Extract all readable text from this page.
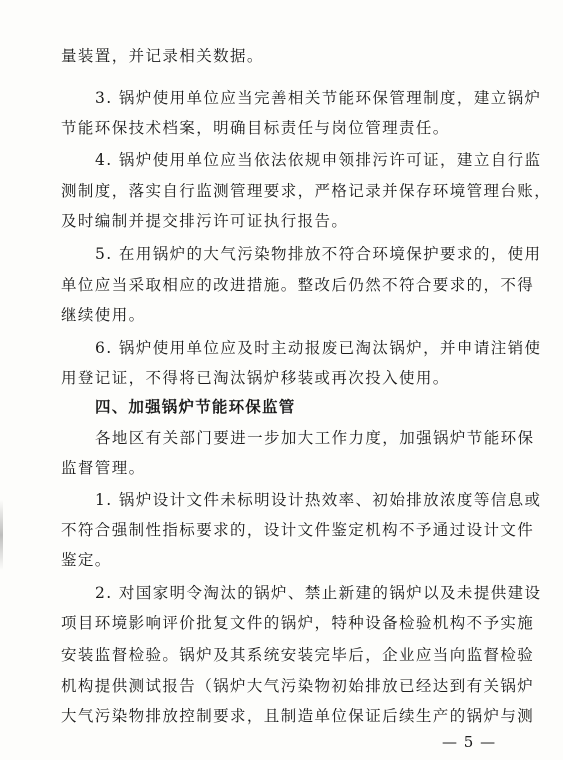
量装置，并记录相关数据。
3. 锅炉使用单位应当完善相关节能环保管理制度，建立锅炉
节能环保技术档案，明确目标责任与岗位管理责任。
4. 锅炉使用单位应当依法依规申领排污许可证，建立自行监
测制度，落实自行监测管理要求，严格记录并保存环境管理台账，
及时编制并提交排污许可证执行报告。
5. 在用锅炉的大气污染物排放不符合环境保护要求的，使用
单位应当采取相应的改进措施。整改后仍然不符合要求的，不得
继续使用。
6. 锅炉使用单位应及时主动报废已淘汰锅炉，并申请注销使
用登记证，不得将已淘汰锅炉移装或再次投入使用。
四、加强锅炉节能环保监管
各地区有关部门要进一步加大工作力度，加强锅炉节能环保
监督管理。
1. 锅炉设计文件未标明设计热效率、初始排放浓度等信息或
不符合强制性指标要求的，设计文件鉴定机构不予通过设计文件
鉴定。
2. 对国家明令淘汰的锅炉、禁止新建的锅炉以及未提供建设
项目环境影响评价批复文件的锅炉，特种设备检验机构不予实施
安装监督检验。锅炉及其系统安装完毕后，企业应当向监督检验
机构提供测试报告（锅炉大气污染物初始排放已经达到有关锅炉
大气污染物排放控制要求，且制造单位保证后续生产的锅炉与测
— 5 —
